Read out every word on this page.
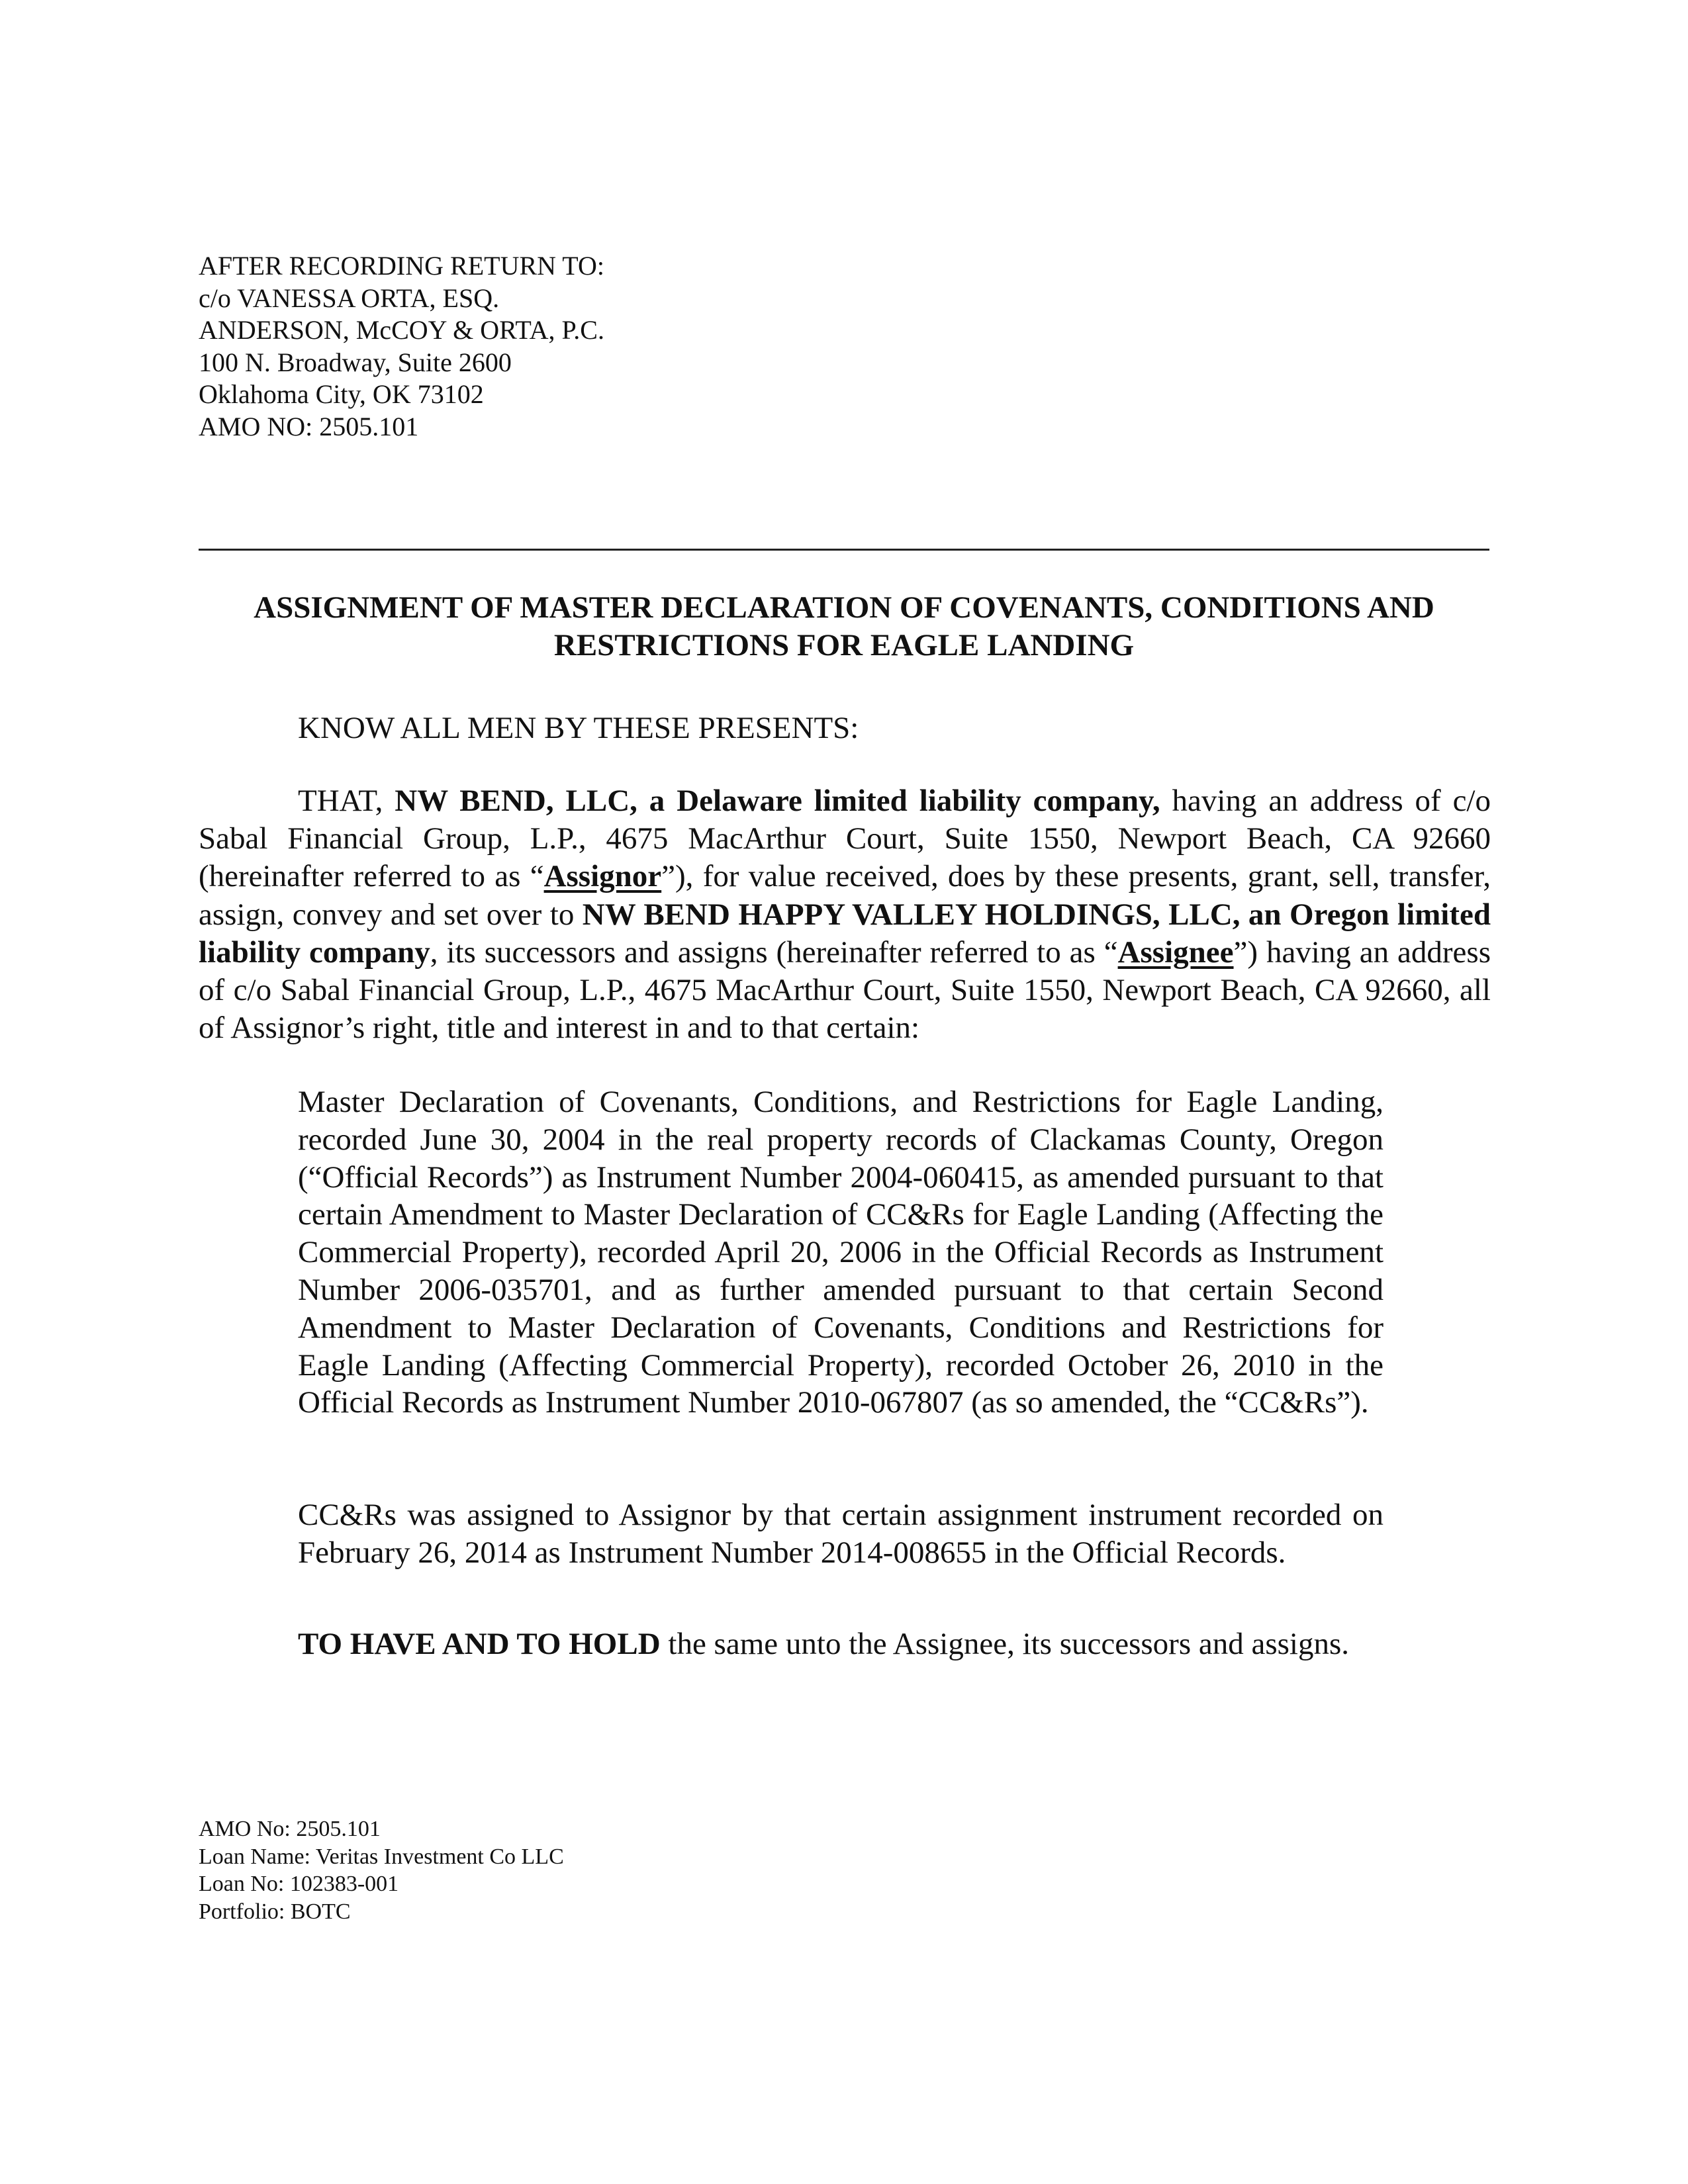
AFTER RECORDING RETURN TO:
c/o VANESSA ORTA, ESQ.
ANDERSON, McCOY & ORTA, P.C.
100 N. Broadway, Suite 2600
Oklahoma City, OK 73102
AMO NO: 2505.101
ASSIGNMENT OF MASTER DECLARATION OF COVENANTS, CONDITIONS AND
RESTRICTIONS FOR EAGLE LANDING
KNOW ALL MEN BY THESE PRESENTS:
THAT, NW BEND, LLC, a Delaware limited liability company, having an address of c/o Sabal Financial Group, L.P., 4675 MacArthur Court, Suite 1550, Newport Beach, CA 92660 (hereinafter referred to as “Assignor”), for value received, does by these presents, grant, sell, transfer, assign, convey and set over to NW BEND HAPPY VALLEY HOLDINGS, LLC, an Oregon limited liability company, its successors and assigns (hereinafter referred to as “Assignee”) having an address of c/o Sabal Financial Group, L.P., 4675 MacArthur Court, Suite 1550, Newport Beach, CA 92660, all of Assignor’s right, title and interest in and to that certain:
Master Declaration of Covenants, Conditions, and Restrictions for Eagle Landing, recorded June 30, 2004 in the real property records of Clackamas County, Oregon (“Official Records”) as Instrument Number 2004-060415, as amended pursuant to that certain Amendment to Master Declaration of CC&Rs for Eagle Landing (Affecting the Commercial Property), recorded April 20, 2006 in the Official Records as Instrument Number 2006-035701, and as further amended pursuant to that certain Second Amendment to Master Declaration of Covenants, Conditions and Restrictions for Eagle Landing (Affecting Commercial Property), recorded October 26, 2010 in the Official Records as Instrument Number 2010-067807 (as so amended, the “CC&Rs”).
CC&Rs was assigned to Assignor by that certain assignment instrument recorded on February 26, 2014 as Instrument Number 2014-008655 in the Official Records.
TO HAVE AND TO HOLD the same unto the Assignee, its successors and assigns.
AMO No: 2505.101
Loan Name: Veritas Investment Co LLC
Loan No: 102383-001
Portfolio: BOTC
